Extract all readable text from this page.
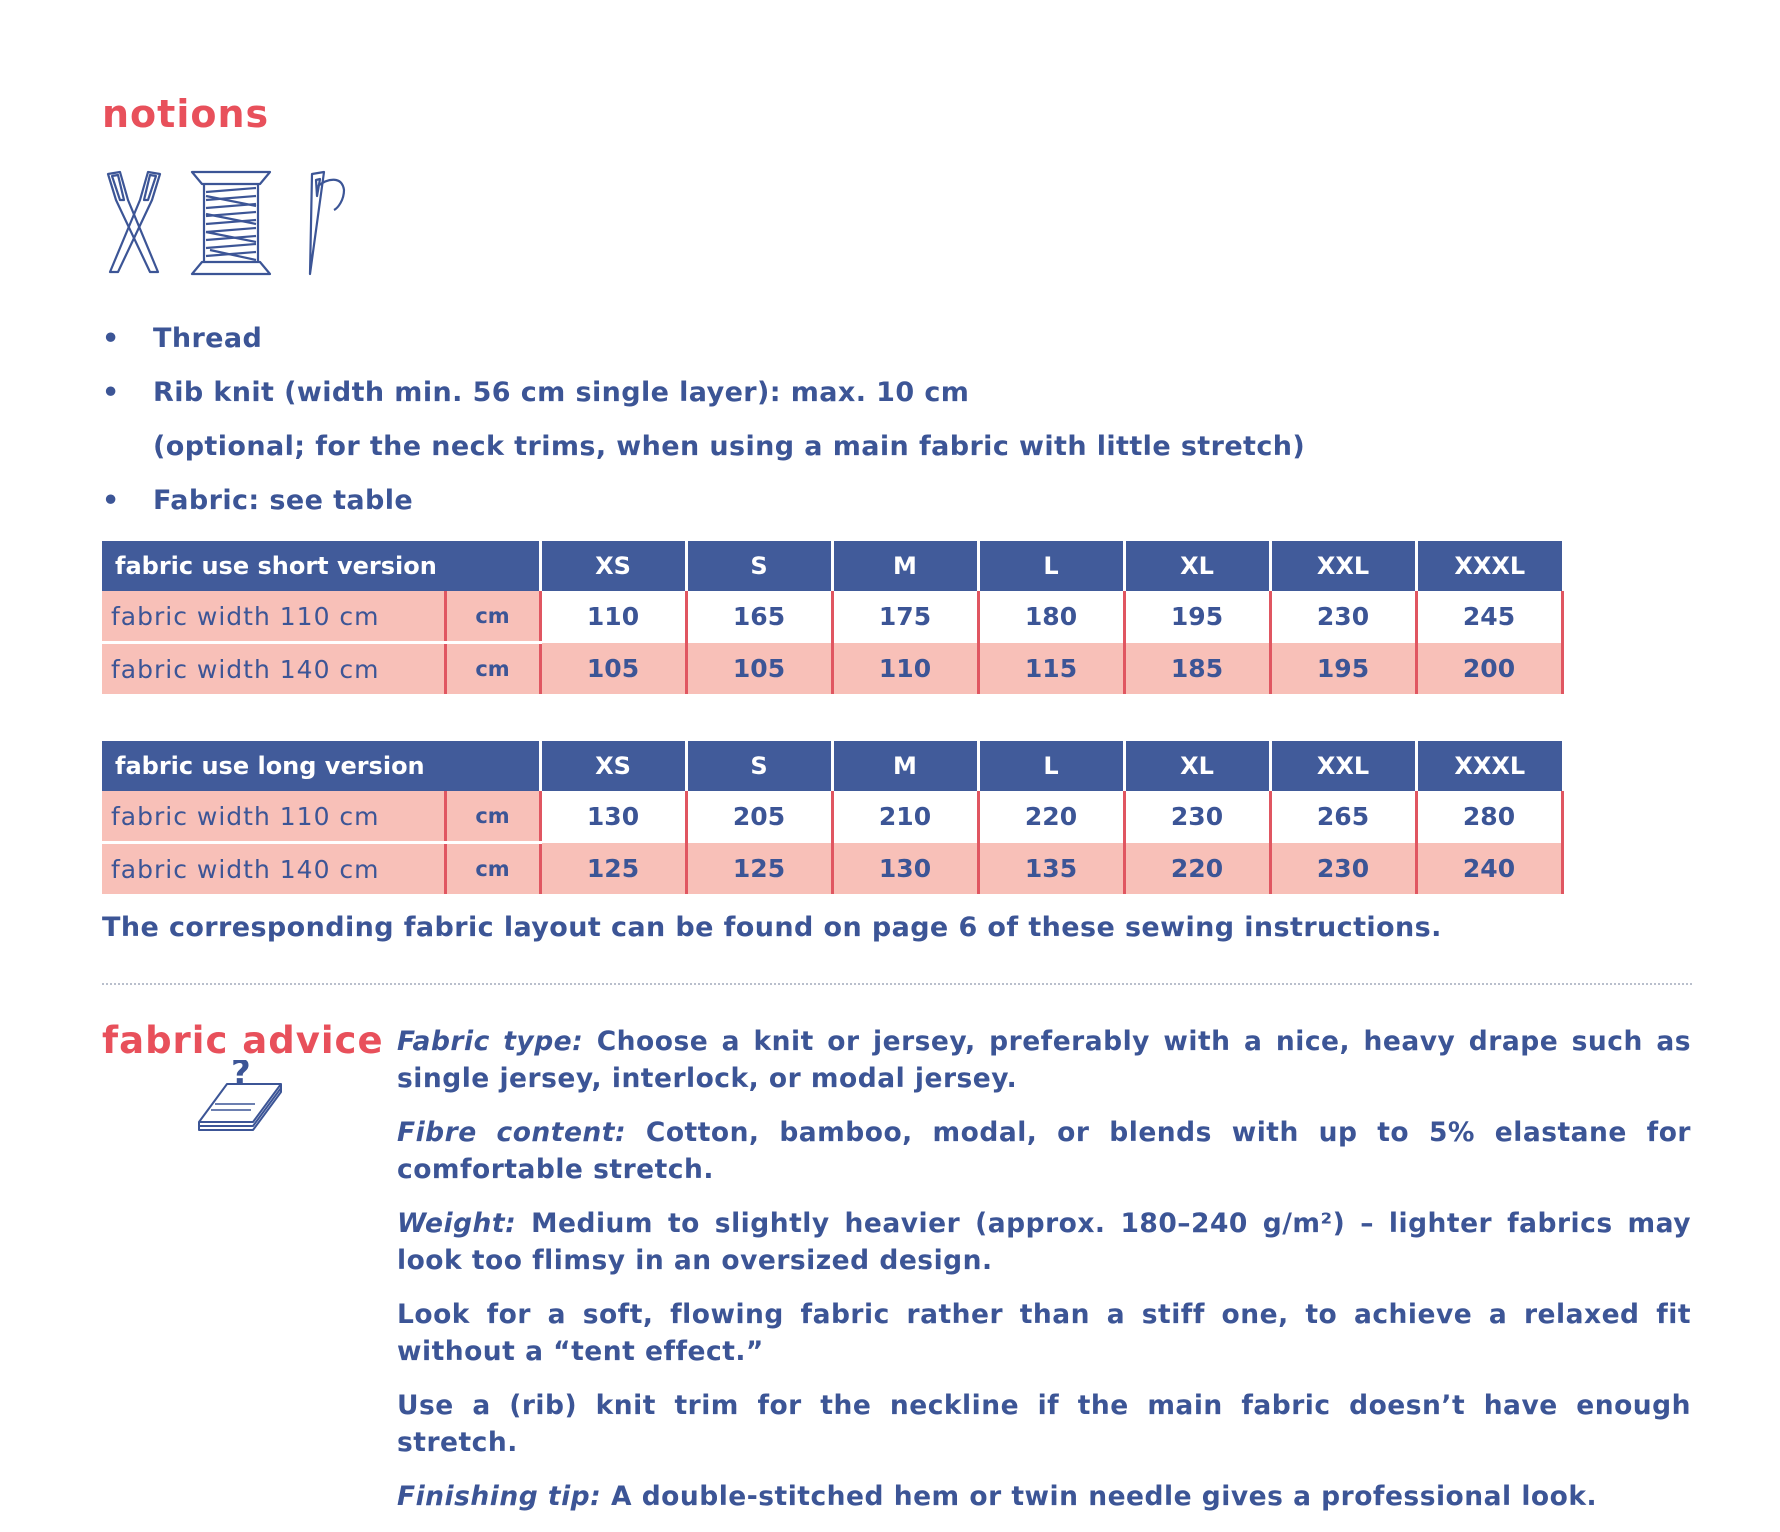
notions
• Thread
• Rib knit (width min. 56 cm single layer): max. 10 cm
(optional; for the neck trims, when using a main fabric with little stretch)
• Fabric: see table
fabric use short version		XS	S	M	L	XL	XXL	XXXL
fabric width 110 cm	cm	110	165	175	180	195	230	245
fabric width 140 cm	cm	105	105	110	115	185	195	200
fabric use long version		XS	S	M	L	XL	XXL	XXXL
fabric width 110 cm	cm	130	205	210	220	230	265	280
fabric width 140 cm	cm	125	125	130	135	220	230	240
The corresponding fabric layout can be found on page 6 of these sewing instructions.
fabric advice
?

Fabric type: Choose a knit or jersey, preferably with a nice, heavy drape such as single jersey, interlock, or modal jersey.

Fibre content: Cotton, bamboo, modal, or blends with up to 5% elastane for comfortable stretch.

Weight: Medium to slightly heavier (approx. 180–240 g/m²) – lighter fabrics may look too flimsy in an oversized design.

Look for a soft, flowing fabric rather than a stiff one, to achieve a relaxed fit without a “tent effect.”

Use a (rib) knit trim for the neckline if the main fabric doesn’t have enough stretch.

Finishing tip: A double-stitched hem or twin needle gives a professional look.
